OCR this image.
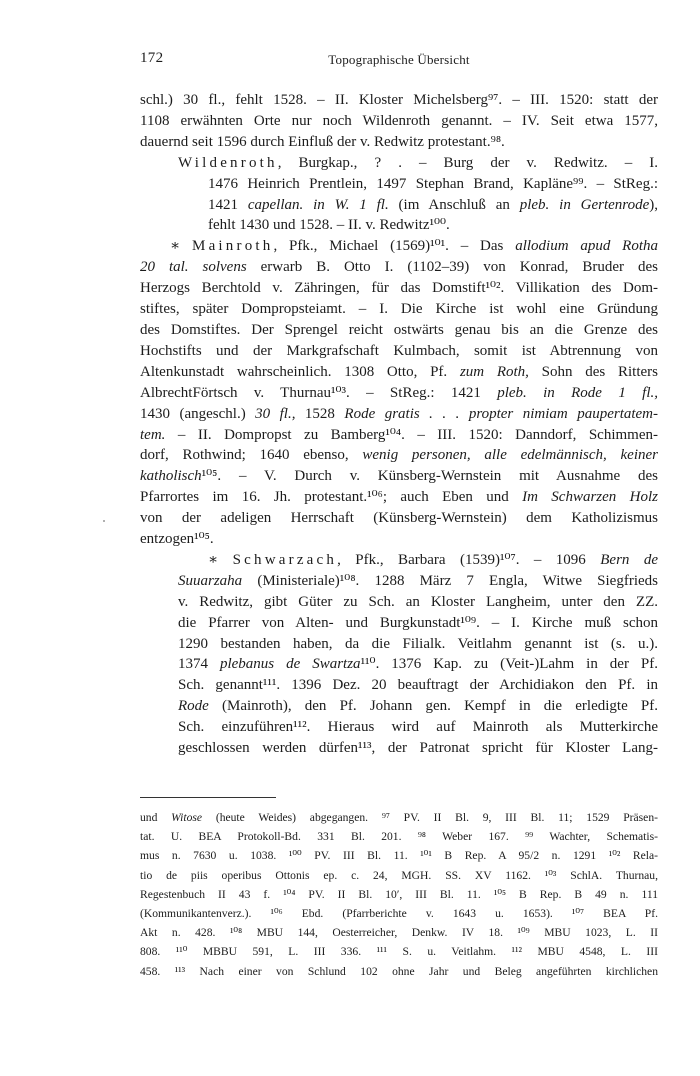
172	Topographische Übersicht

schl.) 30 fl., fehlt 1528. – II. Kloster Michelsberg⁹⁷. – III. 1520: statt der
1108 erwähnten Orte nur noch Wildenroth genannt. – IV. Seit etwa 1577,
dauernd seit 1596 durch Einfluß der v. Redwitz protestant.⁹⁸.

Wildenroth, Burgkap., ? . – Burg der v. Redwitz. – I.
1476 Heinrich Prentlein, 1497 Stephan Brand, Kapläne⁹⁹. – StReg.:
1421 capellan. in W. 1 fl. (im Anschluß an pleb. in Gertenrode),
fehlt 1430 und 1528. – II. v. Redwitz¹⁰⁰.

∗ Mainroth, Pfk., Michael (1569)¹⁰¹. – Das allodium apud Rotha
20 tal. solvens erwarb B. Otto I. (1102–39) von Konrad, Bruder des
Herzogs Berchtold v. Zähringen, für das Domstift¹⁰². Villikation des Dom-
stiftes, später Dompropsteiamt. – I. Die Kirche ist wohl eine Gründung
des Domstiftes. Der Sprengel reicht ostwärts genau bis an die Grenze des
Hochstifts und der Markgrafschaft Kulmbach, somit ist Abtrennung von
Altenkunstadt wahrscheinlich. 1308 Otto, Pf. zum Roth, Sohn des Ritters
AlbrechtFörtsch v. Thurnau¹⁰³. – StReg.: 1421 pleb. in Rode 1 fl.,
1430 (angeschl.) 30 fl., 1528 Rode gratis . . . propter nimiam paupertatem-
tem. – II. Dompropst zu Bamberg¹⁰⁴. – III. 1520: Danndorf, Schimmen-
dorf, Rothwind; 1640 ebenso, wenig personen, alle edelmännisch, keiner
katholisch¹⁰⁵. – V. Durch v. Künsberg-Wernstein mit Ausnahme des
Pfarrortes im 16. Jh. protestant.¹⁰⁶; auch Eben und Im Schwarzen Holz
von der adeligen Herrschaft (Künsberg-Wernstein) dem Katholizismus
entzogen¹⁰⁵.

∗ Schwarzach, Pfk., Barbara (1539)¹⁰⁷. – 1096 Bern de
Suuarzaha (Ministeriale)¹⁰⁸. 1288 März 7 Engla, Witwe Siegfrieds
v. Redwitz, gibt Güter zu Sch. an Kloster Langheim, unter den ZZ.
die Pfarrer von Alten- und Burgkunstadt¹⁰⁹. – I. Kirche muß schon
1290 bestanden haben, da die Filialk. Veitlahm genannt ist (s. u.).
1374 plebanus de Swartza¹¹⁰. 1376 Kap. zu (Veit-)Lahm in der Pf.
Sch. genannt¹¹¹. 1396 Dez. 20 beauftragt der Archidiakon den Pf. in
Rode (Mainroth), den Pf. Johann gen. Kempf in die erledigte Pf.
Sch. einzuführen¹¹². Hieraus wird auf Mainroth als Mutterkirche
geschlossen werden dürfen¹¹³, der Patronat spricht für Kloster Lang-

und Witose (heute Weides) abgegangen. ⁹⁷ PV. II Bl. 9, III Bl. 11; 1529 Präsen-
tat. U. BEA Protokoll-Bd. 331 Bl. 201. ⁹⁸ Weber 167. ⁹⁹ Wachter, Schematis-
mus n. 7630 u. 1038. ¹⁰⁰ PV. III Bl. 11. ¹⁰¹ B Rep. A 95/2 n. 1291 ¹⁰² Rela-
tio de piis operibus Ottonis ep. c. 24, MGH. SS. XV 1162. ¹⁰³ SchlA. Thurnau,
Regestenbuch II 43 f. ¹⁰⁴ PV. II Bl. 10′, III Bl. 11. ¹⁰⁵ B Rep. B 49 n. 111
(Kommunikantenverz.). ¹⁰⁶ Ebd. (Pfarrberichte v. 1643 u. 1653). ¹⁰⁷ BEA Pf.
Akt n. 428. ¹⁰⁸ MBU 144, Oesterreicher, Denkw. IV 18. ¹⁰⁹ MBU 1023, L. II
808. ¹¹⁰ MBBU 591, L. III 336. ¹¹¹ S. u. Veitlahm. ¹¹² MBU 4548, L. III
458. ¹¹³ Nach einer von Schlund 102 ohne Jahr und Beleg angeführten kirchlichen
